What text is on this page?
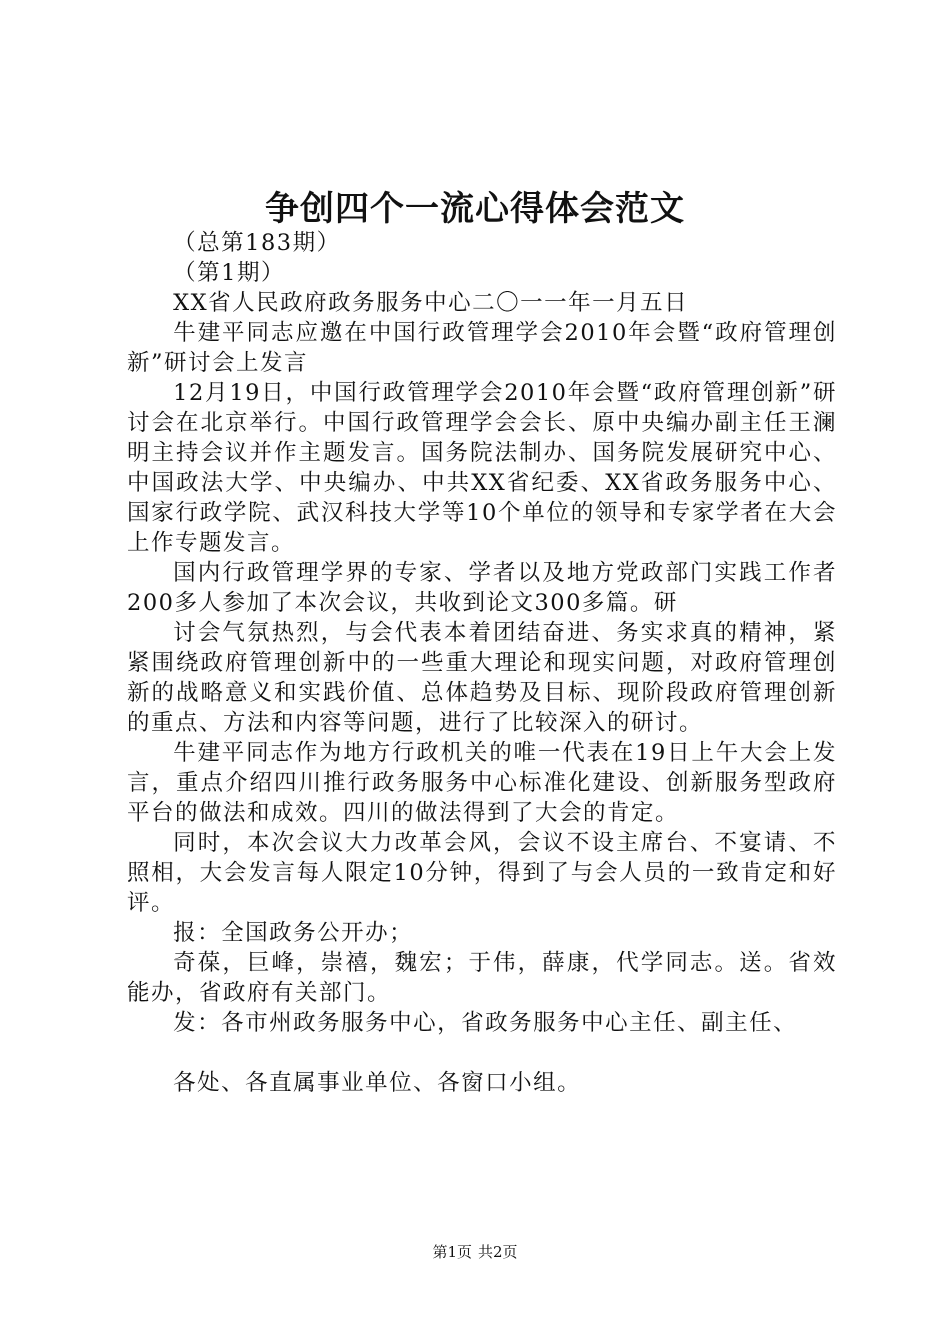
争创四个一流心得体会范文

（总第183期）

（第1期）

XX省人民政府政务服务中心二〇一一年一月五日

牛建平同志应邀在中国行政管理学会2010年会暨“政府管理创新”研讨会上发言

12月19日，中国行政管理学会2010年会暨“政府管理创新”研讨会在北京举行。中国行政管理学会会长、原中央编办副主任王澜明主持会议并作主题发言。国务院法制办、国务院发展研究中心、中国政法大学、中央编办、中共XX省纪委、XX省政务服务中心、国家行政学院、武汉科技大学等10个单位的领导和专家学者在大会上作专题发言。

国内行政管理学界的专家、学者以及地方党政部门实践工作者200多人参加了本次会议，共收到论文300多篇。研

讨会气氛热烈，与会代表本着团结奋进、务实求真的精神，紧紧围绕政府管理创新中的一些重大理论和现实问题，对政府管理创新的战略意义和实践价值、总体趋势及目标、现阶段政府管理创新的重点、方法和内容等问题，进行了比较深入的研讨。

牛建平同志作为地方行政机关的唯一代表在19日上午大会上发言，重点介绍四川推行政务服务中心标准化建设、创新服务型政府平台的做法和成效。四川的做法得到了大会的肯定。

同时，本次会议大力改革会风，会议不设主席台、不宴请、不照相，大会发言每人限定10分钟，得到了与会人员的一致肯定和好评。

报：全国政务公开办；

奇葆，巨峰，崇禧，魏宏；于伟，薛康，代学同志。送。省效能办，省政府有关部门。

发：各市州政务服务中心，省政务服务中心主任、副主任、

各处、各直属事业单位、各窗口小组。

第1页 共2页
